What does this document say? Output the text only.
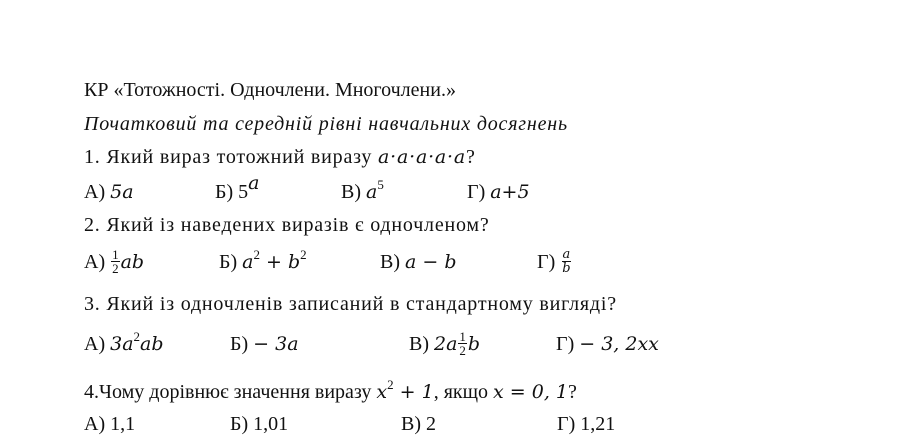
КР «Тотожності. Одночлени. Многочлени.»
Початковий та середній рівні навчальних досягнень
1. Який вираз тотожний виразу a·a·a·a·a?
А) 5a	Б) 5$^a$	В) $a^5$	Г) a+5
2. Який із наведених виразів є одночленом?
$А) \frac{1}{2}$ ab	Б) $a^2 + b^2$	В) a − b	$Г) \frac{a}{b}$
3. Який із одночленів записаний в стандартному вигляді?
А) $3a^2ab$	Б) − 3a	В) $2a \frac{1}{2}$ b	Г) − 3, 2xx
4.Чому дорівнює значення виразу $x^2 + 1$, якщо x = 0, 1?
А) 1,1	Б) 1,01	В) 2	Г) 1,21
